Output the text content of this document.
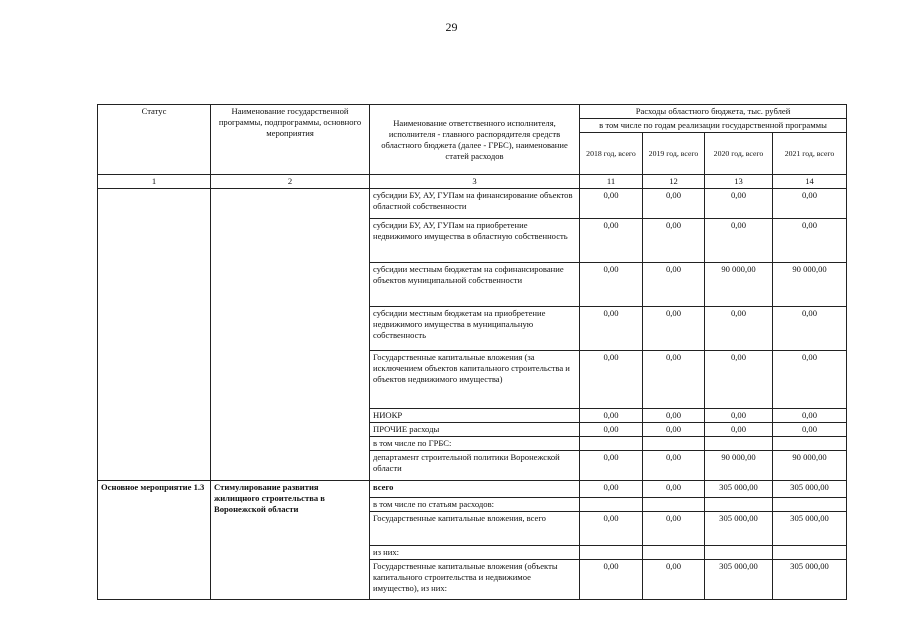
29
Статус	Наименование государственной программы, подпрограммы, основного мероприятия	Наименование ответственного исполнителя, исполнителя - главного распорядителя средств областного бюджета (далее - ГРБС), наименование статей расходов	Расходы областного бюджета, тыс. рублей			
			в том числе по годам реализации государственной программы			
			2018 год, всего	2019 год, всего	2020 год, всего	2021 год, всего
1	2	3	11	12	13	14
		субсидии БУ, АУ, ГУПам на финансирование объектов областной собственности	0,00	0,00	0,00	0,00
		субсидии БУ, АУ, ГУПам на приобретение недвижимого имущества в областную собственность	0,00	0,00	0,00	0,00
		субсидии местным бюджетам на софинансирование объектов муниципальной собственности	0,00	0,00	90 000,00	90 000,00
		субсидии местным бюджетам на приобретение недвижимого имущества в муниципальную собственность	0,00	0,00	0,00	0,00
		Государственные капитальные вложения (за исключением объектов капитального строительства и объектов недвижимого имущества)	0,00	0,00	0,00	0,00
		НИОКР	0,00	0,00	0,00	0,00
		ПРОЧИЕ расходы	0,00	0,00	0,00	0,00
		в том числе по ГРБС:				
		департамент строительной политики Воронежской области	0,00	0,00	90 000,00	90 000,00
Основное мероприятие 1.3	Стимулирование развития жилищного строительства в Воронежской области	всего	0,00	0,00	305 000,00	305 000,00
		в том числе по статьям расходов:				
		Государственные капитальные вложения, всего	0,00	0,00	305 000,00	305 000,00
		из них:				
		Государственные капитальные вложения (объекты капитального строительства и недвижимое имущество), из них:	0,00	0,00	305 000,00	305 000,00
